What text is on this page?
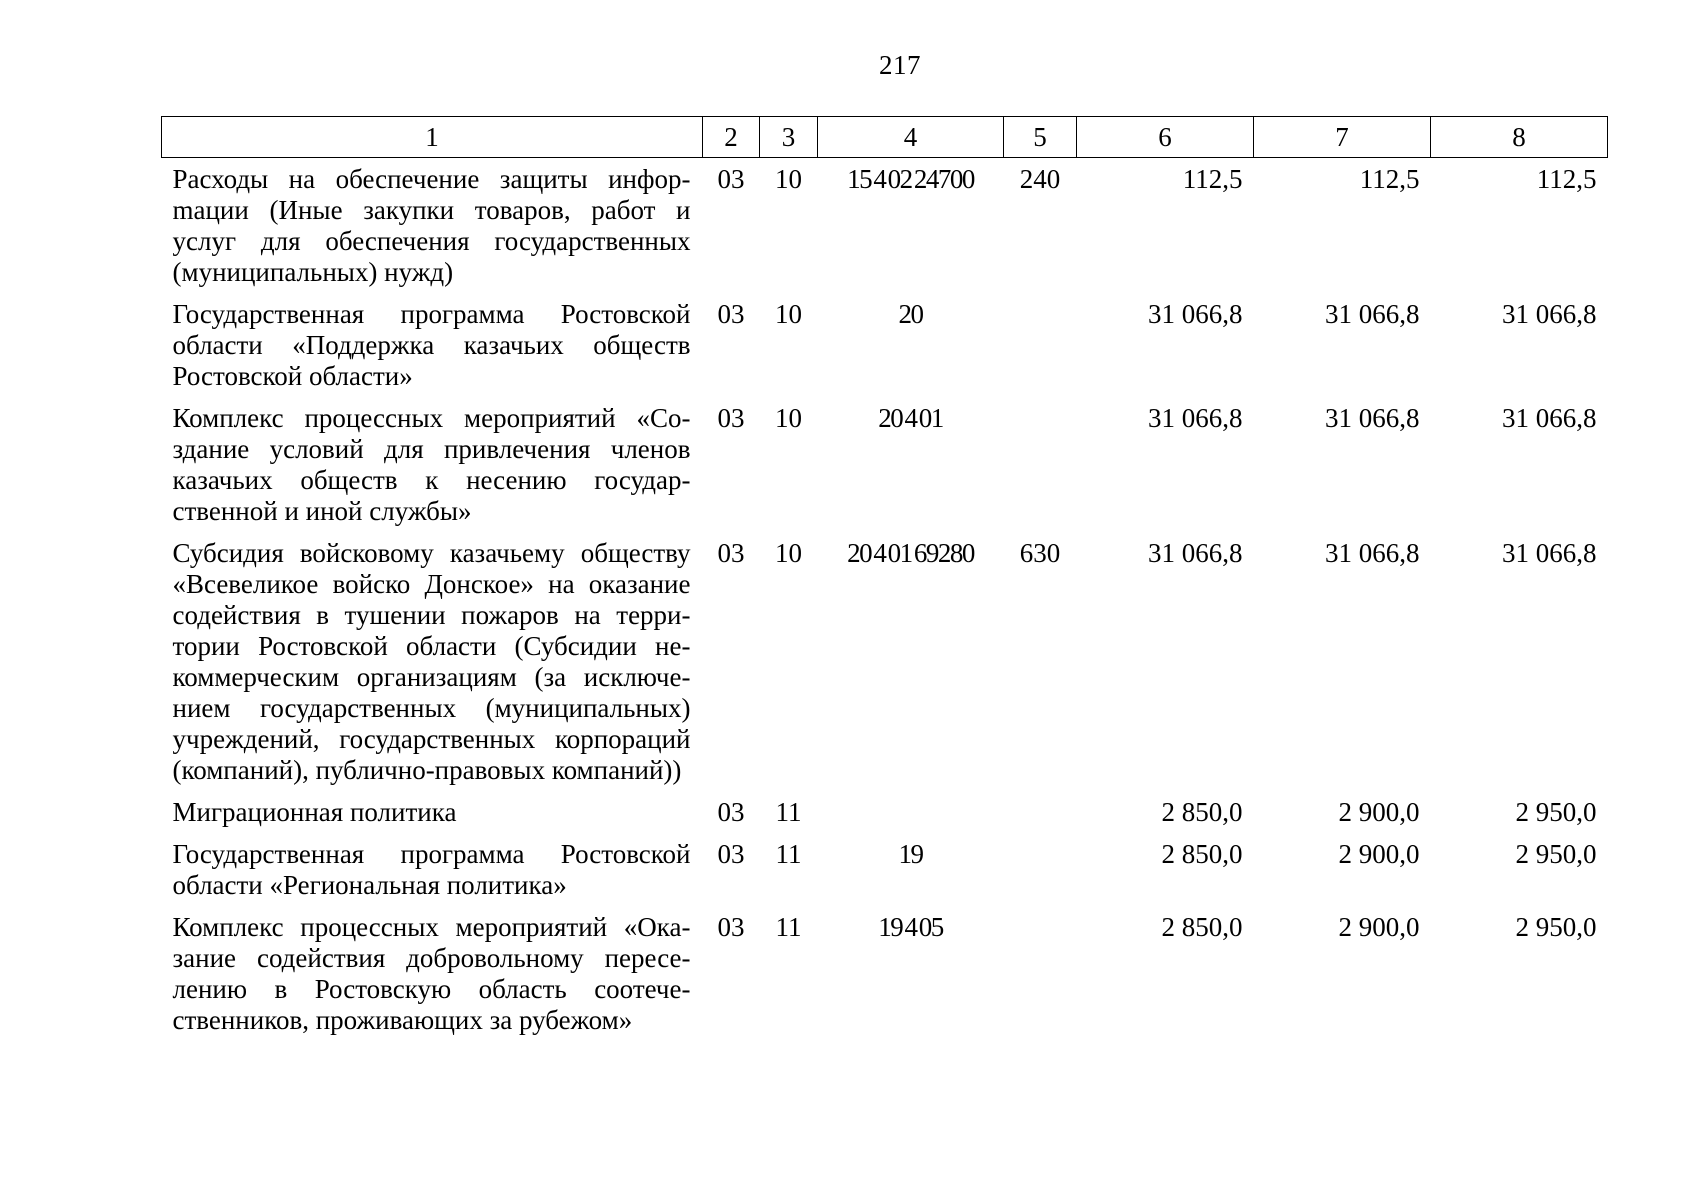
217
1	2	3	4	5	6	7	8
Расходы на обеспечение защиты инфорmации (Иные закупки товаров, работ и услуг для обеспечения государственных (муниципальных) нужд)	03	10	15 4 02 24700	240	112,5	112,5	112,5
Государственная программа Ростовской области «Поддержка казачьих обществ Ростовской области»	03	10	20		31 066,8	31 066,8	31 066,8
Комплекс процессных мероприятий «Создание условий для привлечения членов казачьих обществ к несению государственной и иной службы»	03	10	20 4 01		31 066,8	31 066,8	31 066,8
Субсидия войсковому казачьему обществу «Всевеликое войско Донское» на оказание содействия в тушении пожаров на территории Ростовской области (Субсидии некоммерческим организациям (за исключением государственных (муниципальных) учреждений, государственных корпораций (компаний), публично-правовых компаний))	03	10	20 4 01 69280	630	31 066,8	31 066,8	31 066,8
Миграционная политика	03	11			2 850,0	2 900,0	2 950,0
Государственная программа Ростовской области «Региональная политика»	03	11	19		2 850,0	2 900,0	2 950,0
Комплекс процессных мероприятий «Оказание содействия добровольному переселению в Ростовскую область соотечественников, проживающих за рубежом»	03	11	19 4 05		2 850,0	2 900,0	2 950,0
